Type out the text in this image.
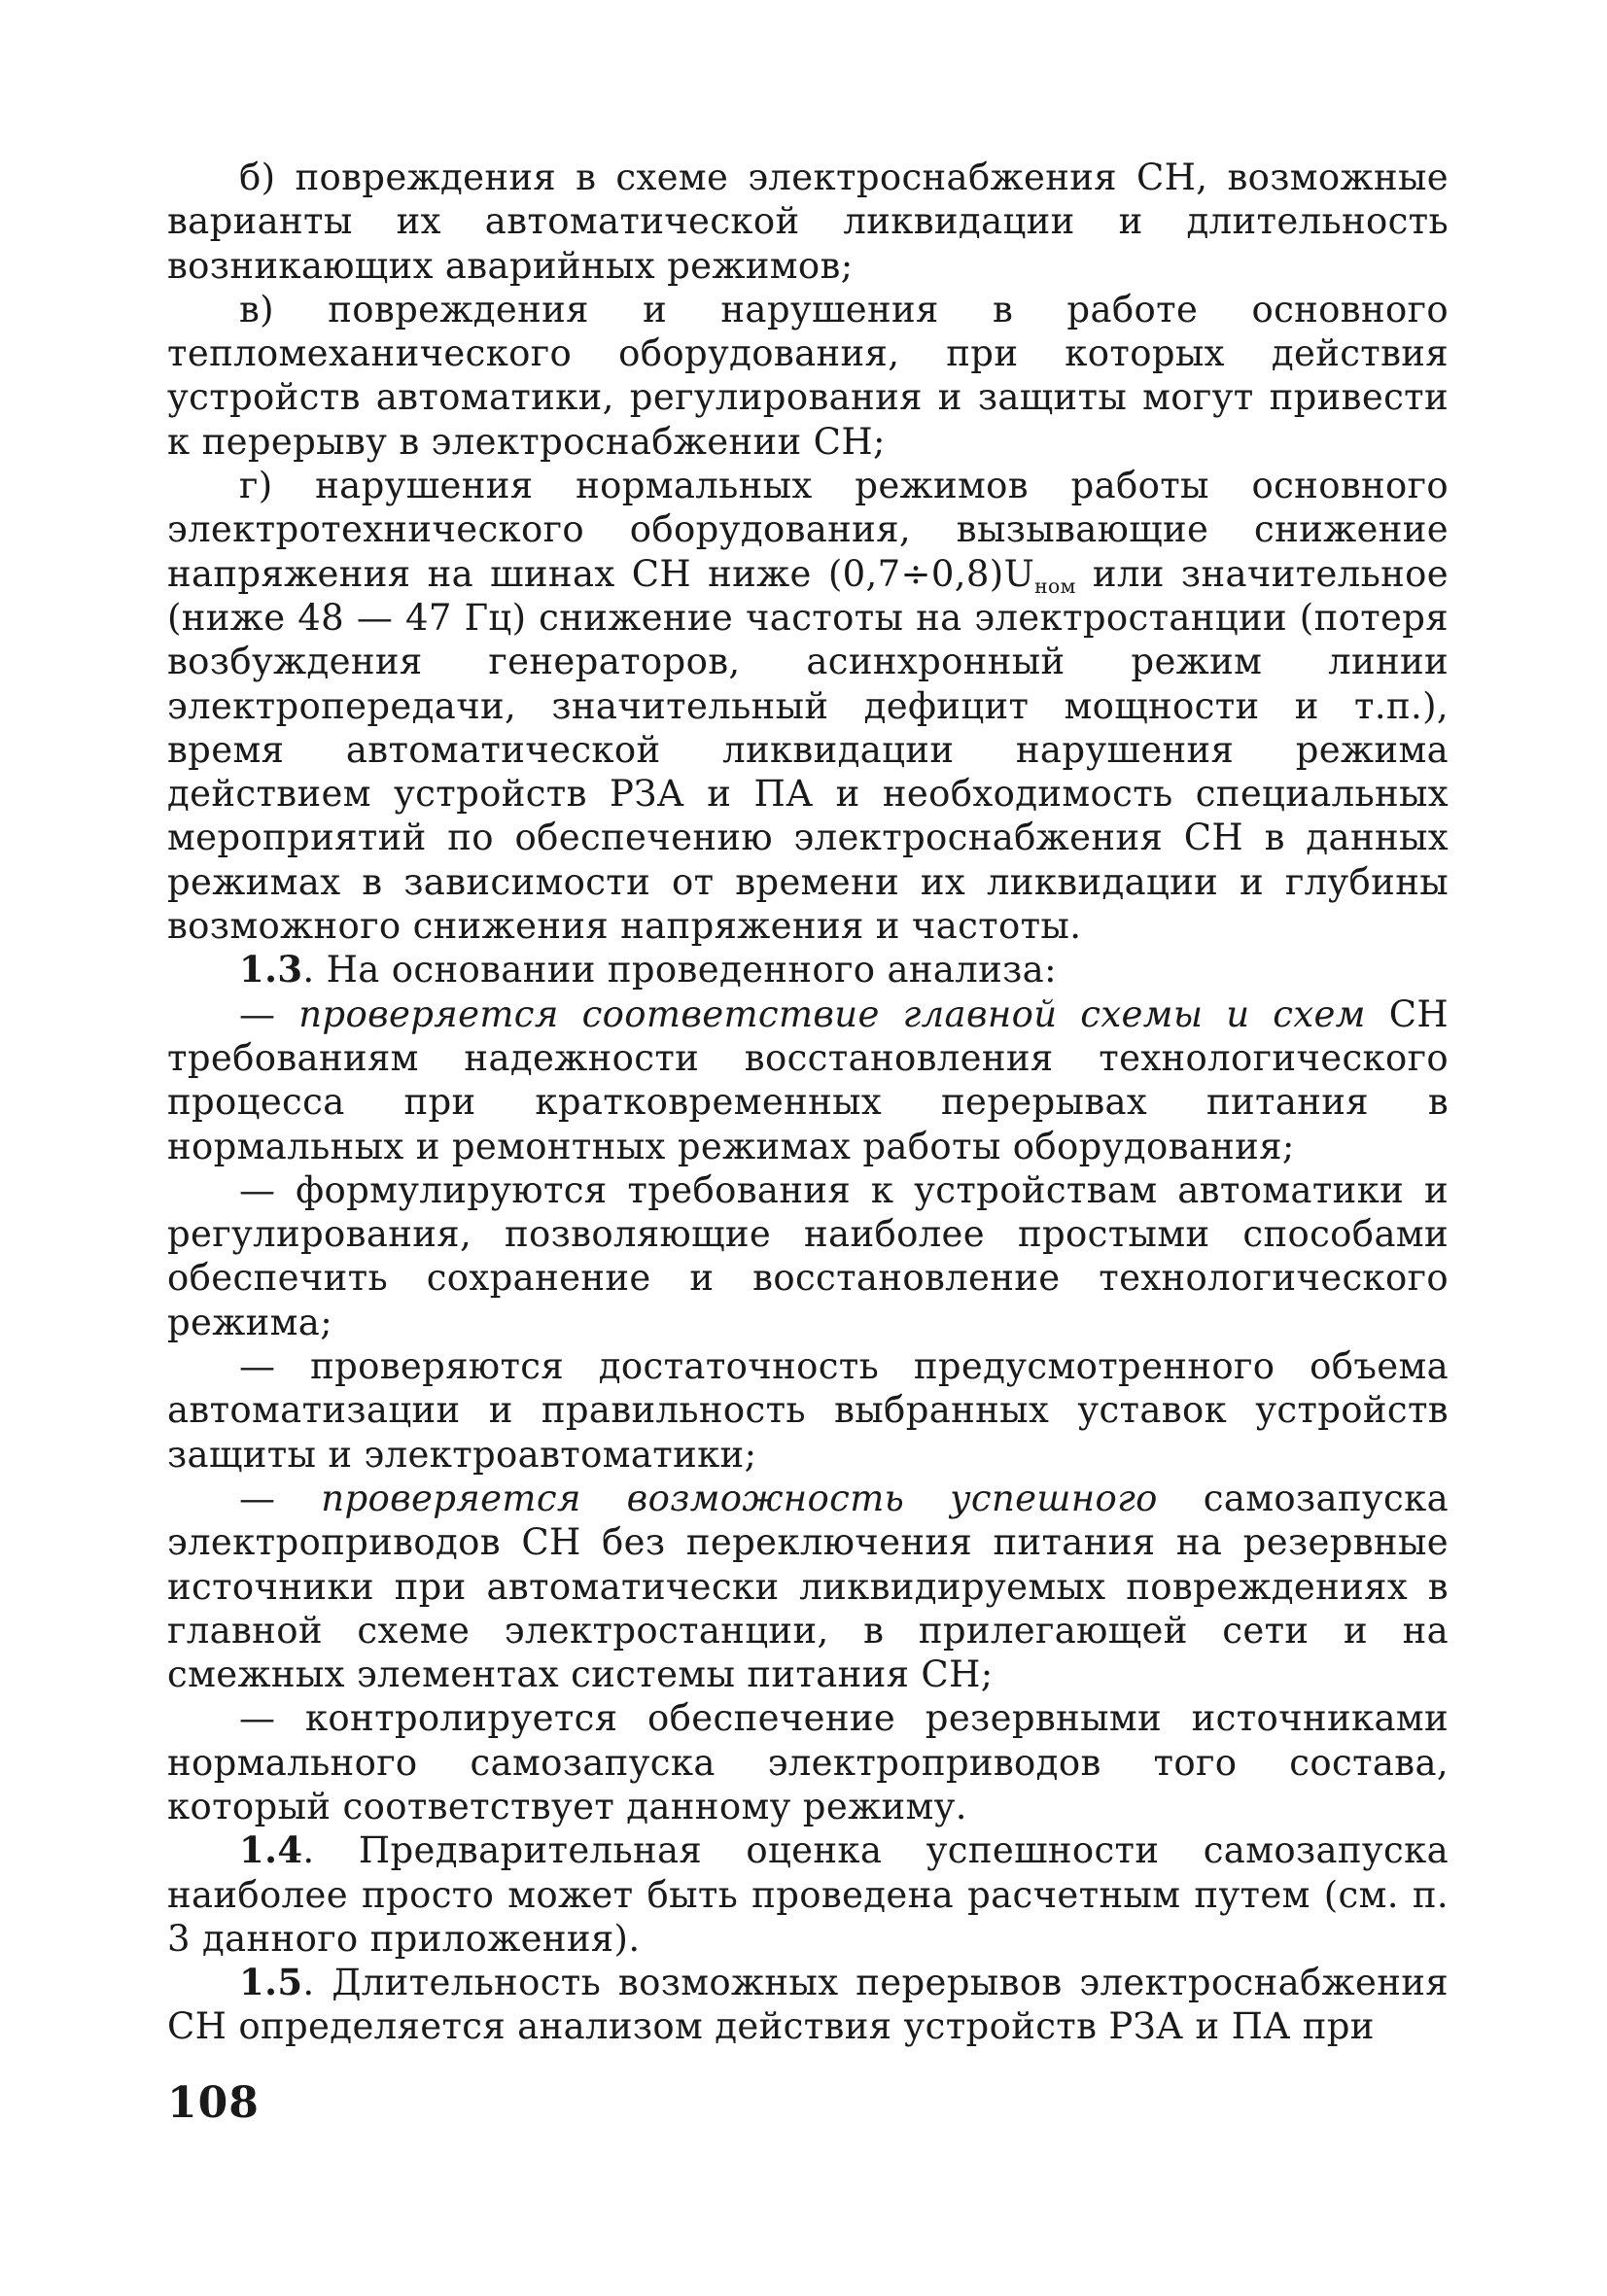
б) повреждения в схеме электроснабжения СН, возможные варианты их автоматической ликвидации и длительность возникающих аварийных режимов;

в) повреждения и нарушения в работе основного тепломеханического оборудования, при которых действия устройств автоматики, регулирования и защиты могут привести к перерыву в электроснабжении СН;

г) нарушения нормальных режимов работы основного электротехнического оборудования, вызывающие снижение напряжения на шинах СН ниже $(0,7\div 0,8)U_{ном}$ или значительное (ниже 48 — 47 Гц) снижение частоты на электростанции (потеря возбуждения генераторов, асинхронный режим линии электропередачи, значительный дефицит мощности и т.п.), время автоматической ликвидации нарушения режима действием устройств РЗА и ПА и необходимость специальных мероприятий по обеспечению электроснабжения СН в данных режимах в зависимости от времени их ликвидации и глубины возможного снижения напряжения и частоты.

1.3. На основании проведенного анализа:

— проверяется соответствие главной схемы и схем СН требованиям надежности восстановления технологического процесса при кратковременных перерывах питания в нормальных и ремонтных режимах работы оборудования;

— формулируются требования к устройствам автоматики и регулирования, позволяющие наиболее простыми способами обеспечить сохранение и восстановление технологического режима;

— проверяются достаточность предусмотренного объема автоматизации и правильность выбранных уставок устройств защиты и электроавтоматики;

— проверяется возможность успешного самозапуска электроприводов СН без переключения питания на резервные источники при автоматически ликвидируемых повреждениях в главной схеме электростанции, в прилегающей сети и на смежных элементах системы питания СН;

— контролируется обеспечение резервными источниками нормального самозапуска электроприводов того состава, который соответствует данному режиму.

1.4. Предварительная оценка успешности самозапуска наиболее просто может быть проведена расчетным путем (см. п. 3 данного приложения).

1.5. Длительность возможных перерывов электроснабжения СН определяется анализом действия устройств РЗА и ПА при

108
